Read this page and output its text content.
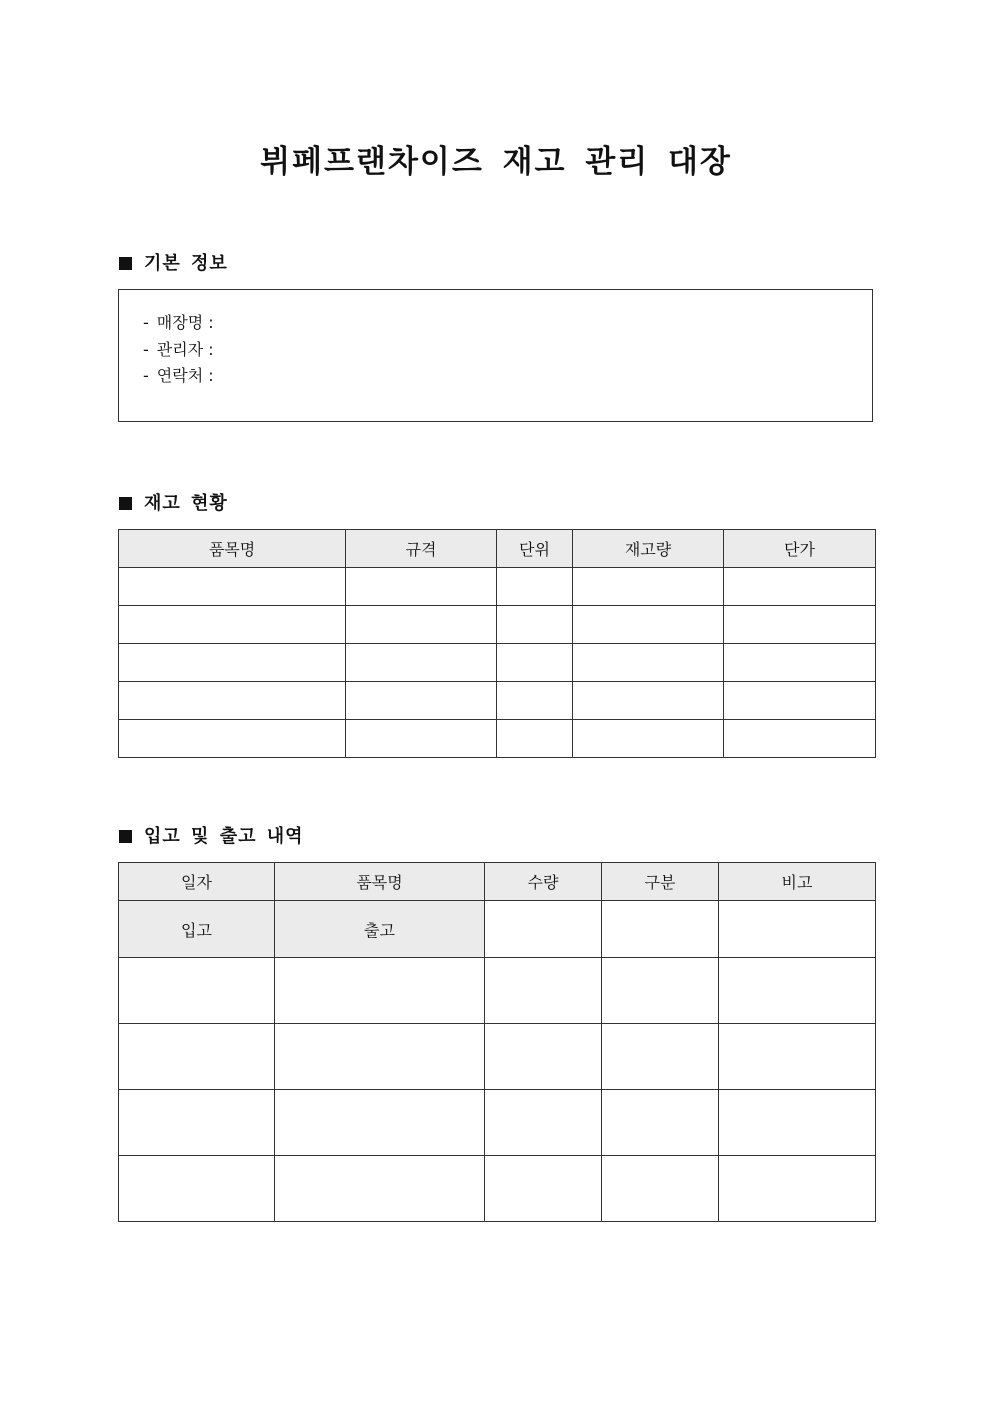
뷔페프랜차이즈 재고 관리 대장
기본 정보
- 매장명 :
- 관리자 :
- 연락처 :
재고 현황
품목명	규격	단위	재고량	단가

입고 및 출고 내역
일자	품목명	수량	구분	비고
입고	출고			
